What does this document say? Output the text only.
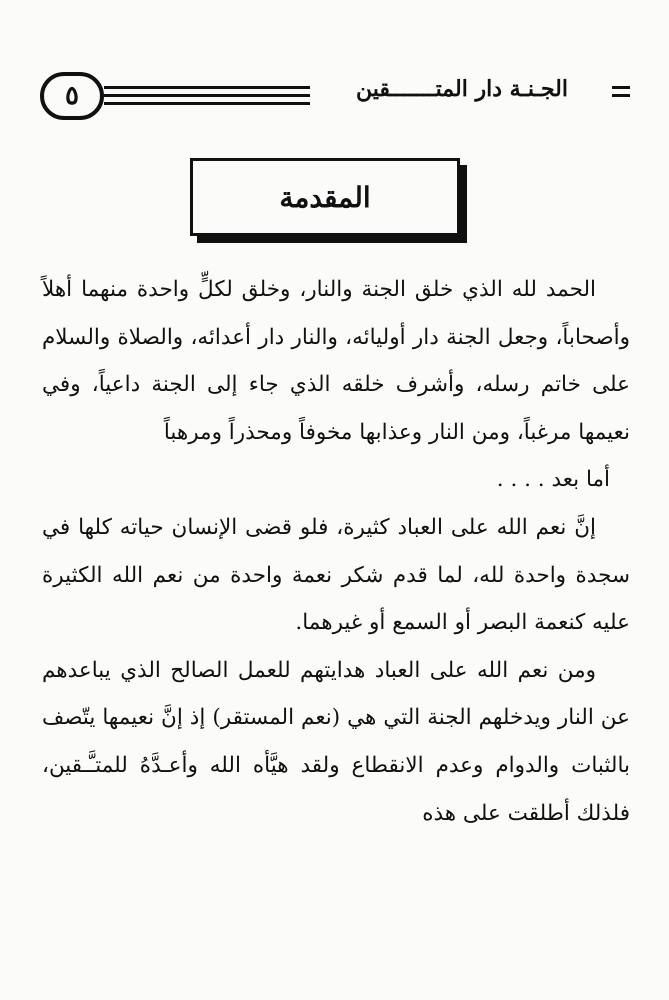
٥	الجـنـة دار المتـــــــقين
المقدمة

الحمد لله الذي خلق الجنة والنار، وخلق لكلٍّ واحدة منهما أهلاً وأصحاباً، وجعل الجنة دار أوليائه، والنار دار أعدائه، والصلاة والسلام على خاتم رسله، وأشرف خلقه الذي جاء إلى الجنة داعياً، وفي نعيمها مرغباً، ومن النار وعذابها مخوفاً ومحذراً ومرهباً

أما بعد . . . .

إنَّ نعم الله على العباد كثيرة، فلو قضى الإنسان حياته كلها في سجدة واحدة لله، لما قدم شكر نعمة واحدة من نعم الله الكثيرة عليه كنعمة البصر أو السمع أو غيرهما.

ومن نعم الله على العباد هدايتهم للعمل الصالح الذي يباعدهم عن النار ويدخلهم الجنة التي هي (نعم المستقر) إذ إنَّ نعيمها يتّصف بالثبات والدوام وعدم الانقطاع ولقد هيَّأه الله وأعـدَّهُ للمتـَّـقين، فلذلك أطلقت على هذه
